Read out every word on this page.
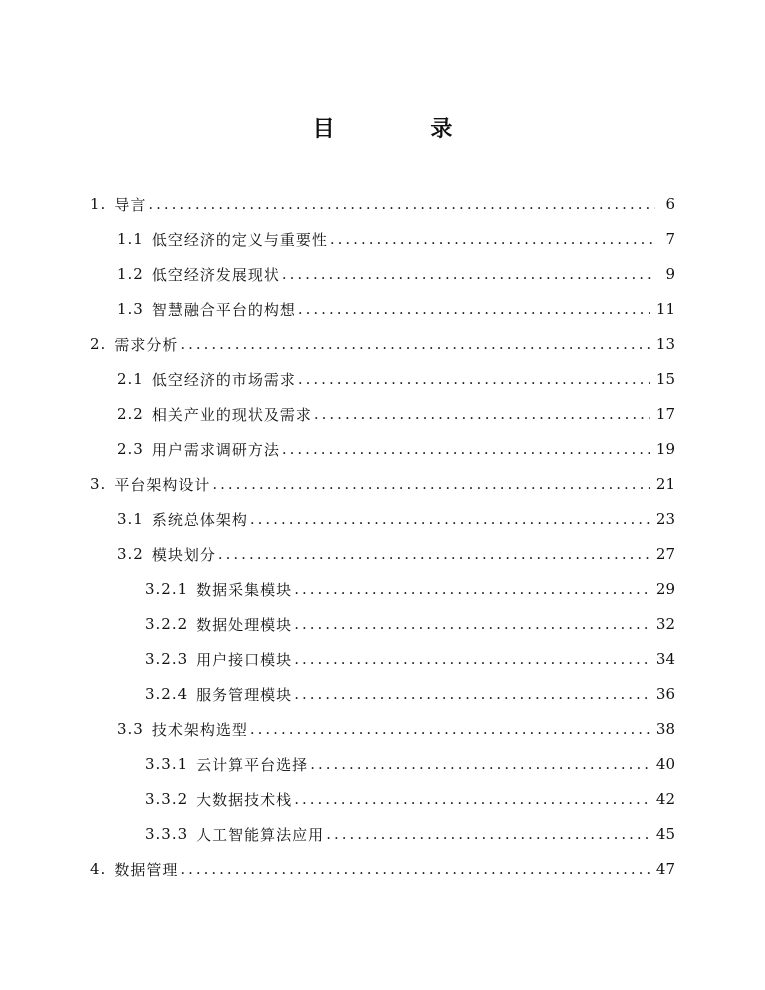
目 录
1. 导言 .....	6
1.1 低空经济的定义与重要性 .....	7
1.2 低空经济发展现状 .....	9
1.3 智慧融合平台的构想 .....	11
2. 需求分析 .....	13
2.1 低空经济的市场需求 .....	15
2.2 相关产业的现状及需求 .....	17
2.3 用户需求调研方法 .....	19
3. 平台架构设计 .....	21
3.1 系统总体架构 .....	23
3.2 模块划分 .....	27
3.2.1 数据采集模块 .....	29
3.2.2 数据处理模块 .....	32
3.2.3 用户接口模块 .....	34
3.2.4 服务管理模块 .....	36
3.3 技术架构选型 .....	38
3.3.1 云计算平台选择 .....	40
3.3.2 大数据技术栈 .....	42
3.3.3 人工智能算法应用 .....	45
4. 数据管理 .....	47
